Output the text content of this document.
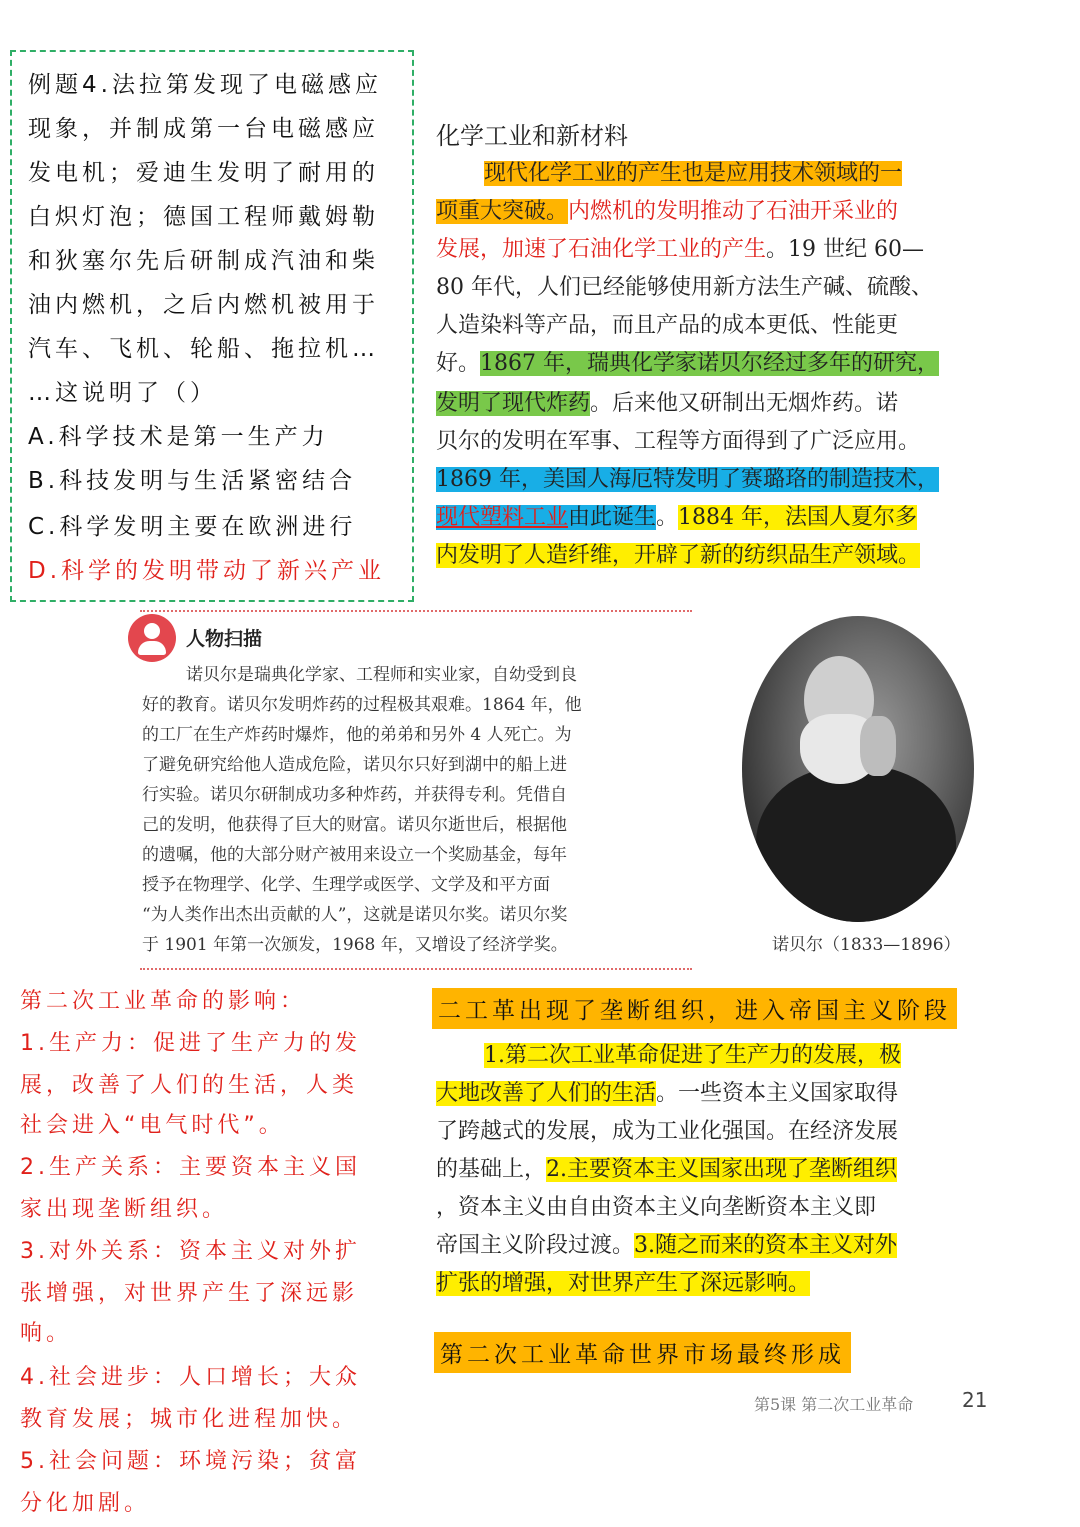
例题4.法拉第发现了电磁感应
现象，并制成第一台电磁感应
发电机；爱迪生发明了耐用的
白炽灯泡；德国工程师戴姆勒
和狄塞尔先后研制成汽油和柴
油内燃机，之后内燃机被用于
汽车、飞机、轮船、拖拉机…
…这说明了（）
A.科学技术是第一生产力
B.科技发明与生活紧密结合
C.科学发明主要在欧洲进行
D.科学的发明带动了新兴产业
化学工业和新材料
现代化学工业的产生也是应用技术领域的一
项重大突破。内燃机的发明推动了石油开采业的
发展，加速了石油化学工业的产生。19 世纪 60—
80 年代，人们已经能够使用新方法生产碱、硫酸、
人造染料等产品，而且产品的成本更低、性能更
好。1867 年，瑞典化学家诺贝尔经过多年的研究，
发明了现代炸药。后来他又研制出无烟炸药。诺
贝尔的发明在军事、工程等方面得到了广泛应用。
1869 年，美国人海厄特发明了赛璐珞的制造技术，
现代塑料工业由此诞生。1884 年，法国人夏尔多
内发明了人造纤维，开辟了新的纺织品生产领域。
人物扫描
诺贝尔是瑞典化学家、工程师和实业家，自幼受到良
好的教育。诺贝尔发明炸药的过程极其艰难。1864 年，他
的工厂在生产炸药时爆炸，他的弟弟和另外 4 人死亡。为
了避免研究给他人造成危险，诺贝尔只好到湖中的船上进
行实验。诺贝尔研制成功多种炸药，并获得专利。凭借自
己的发明，他获得了巨大的财富。诺贝尔逝世后，根据他
的遗嘱，他的大部分财产被用来设立一个奖励基金，每年
授予在物理学、化学、生理学或医学、文学及和平方面
“为人类作出杰出贡献的人”，这就是诺贝尔奖。诺贝尔奖
于 1901 年第一次颁发，1968 年，又增设了经济学奖。	诺贝尔（1833—1896）
第二次工业革命的影响：
1.生产力：促进了生产力的发
展，改善了人们的生活，人类
社会进入“电气时代”。
2.生产关系：主要资本主义国
家出现垄断组织。
3.对外关系：资本主义对外扩
张增强，对世界产生了深远影
响。
4.社会进步：人口增长；大众
教育发展；城市化进程加快。
5.社会问题：环境污染；贫富
分化加剧。
二工革出现了垄断组织，进入帝国主义阶段
1.第二次工业革命促进了生产力的发展，极
大地改善了人们的生活。一些资本主义国家取得
了跨越式的发展，成为工业化强国。在经济发展
的基础上，2.主要资本主义国家出现了垄断组织
，资本主义由自由资本主义向垄断资本主义即
帝国主义阶段过渡。3.随之而来的资本主义对外
扩张的增强，对世界产生了深远影响。
第二次工业革命世界市场最终形成
第5课 第二次工业革命 21
